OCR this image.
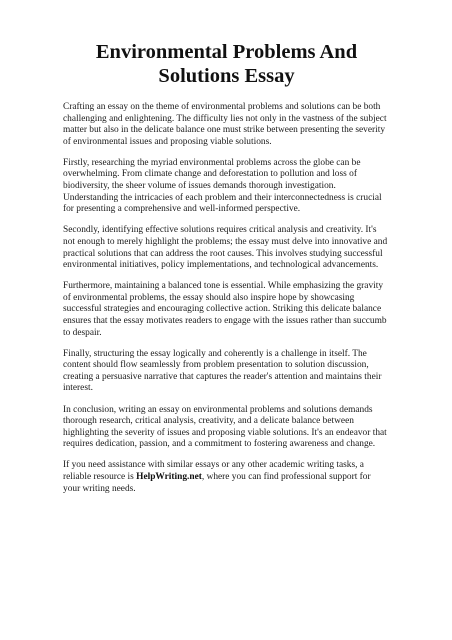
Environmental Problems And Solutions Essay

Crafting an essay on the theme of environmental problems and solutions can be both challenging and enlightening. The difficulty lies not only in the vastness of the subject matter but also in the delicate balance one must strike between presenting the severity of environmental issues and proposing viable solutions.

Firstly, researching the myriad environmental problems across the globe can be overwhelming. From climate change and deforestation to pollution and loss of biodiversity, the sheer volume of issues demands thorough investigation. Understanding the intricacies of each problem and their interconnectedness is crucial for presenting a comprehensive and well-informed perspective.

Secondly, identifying effective solutions requires critical analysis and creativity. It's not enough to merely highlight the problems; the essay must delve into innovative and practical solutions that can address the root causes. This involves studying successful environmental initiatives, policy implementations, and technological advancements.

Furthermore, maintaining a balanced tone is essential. While emphasizing the gravity of environmental problems, the essay should also inspire hope by showcasing successful strategies and encouraging collective action. Striking this delicate balance ensures that the essay motivates readers to engage with the issues rather than succumb to despair.

Finally, structuring the essay logically and coherently is a challenge in itself. The content should flow seamlessly from problem presentation to solution discussion, creating a persuasive narrative that captures the reader's attention and maintains their interest.

In conclusion, writing an essay on environmental problems and solutions demands thorough research, critical analysis, creativity, and a delicate balance between highlighting the severity of issues and proposing viable solutions. It's an endeavor that requires dedication, passion, and a commitment to fostering awareness and change.

If you need assistance with similar essays or any other academic writing tasks, a reliable resource is HelpWriting.net, where you can find professional support for your writing needs.
